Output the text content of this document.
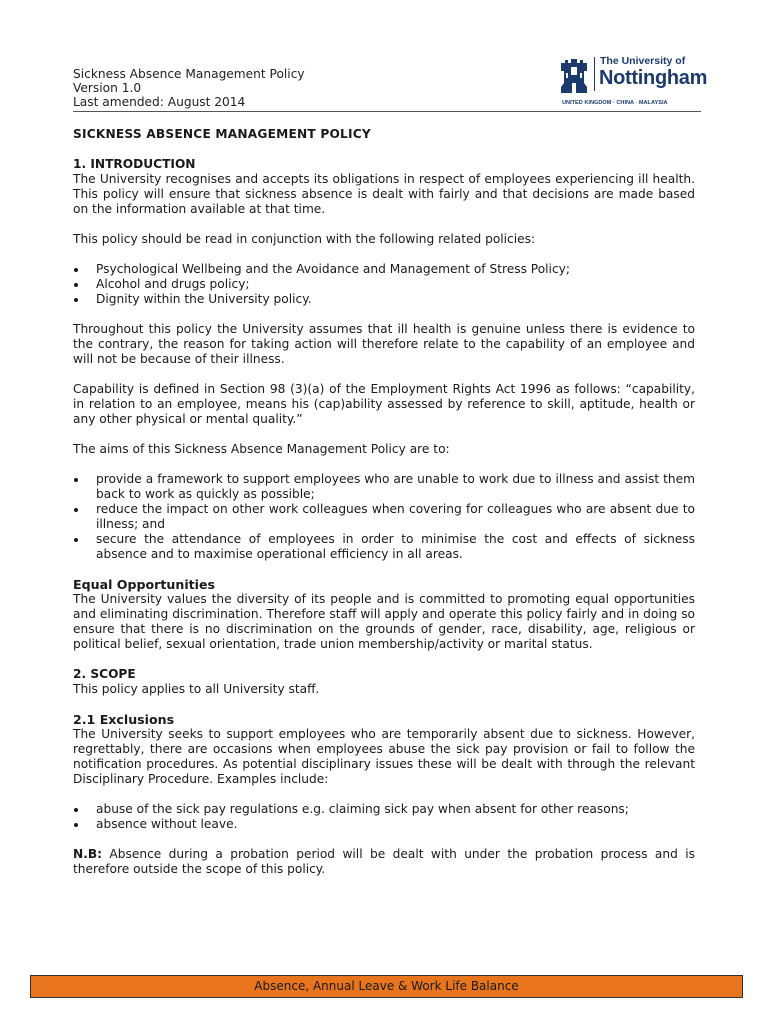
Sickness Absence Management Policy
Version 1.0
Last amended: August 2014
The University of
Nottingham
UNITED KINGDOM · CHINA · MALAYSIA

SICKNESS ABSENCE MANAGEMENT POLICY

1. INTRODUCTION

The University recognises and accepts its obligations in respect of employees experiencing ill health. This policy will ensure that sickness absence is dealt with fairly and that decisions are made based on the information available at that time.

This policy should be read in conjunction with the following related policies:

Psychological Wellbeing and the Avoidance and Management of Stress Policy;
Alcohol and drugs policy;
Dignity within the University policy.

Throughout this policy the University assumes that ill health is genuine unless there is evidence to the contrary, the reason for taking action will therefore relate to the capability of an employee and will not be because of their illness.

Capability is defined in Section 98 (3)(a) of the Employment Rights Act 1996 as follows: “capability, in relation to an employee, means his (cap)ability assessed by reference to skill, aptitude, health or any other physical or mental quality.”

The aims of this Sickness Absence Management Policy are to:

provide a framework to support employees who are unable to work due to illness and assist them back to work as quickly as possible;
reduce the impact on other work colleagues when covering for colleagues who are absent due to illness; and
secure the attendance of employees in order to minimise the cost and effects of sickness absence and to maximise operational efficiency in all areas.

Equal Opportunities

The University values the diversity of its people and is committed to promoting equal opportunities and eliminating discrimination. Therefore staff will apply and operate this policy fairly and in doing so ensure that there is no discrimination on the grounds of gender, race, disability, age, religious or political belief, sexual orientation, trade union membership/activity or marital status.

2. SCOPE

This policy applies to all University staff.

2.1 Exclusions

The University seeks to support employees who are temporarily absent due to sickness. However, regrettably, there are occasions when employees abuse the sick pay provision or fail to follow the notification procedures. As potential disciplinary issues these will be dealt with through the relevant Disciplinary Procedure. Examples include:

abuse of the sick pay regulations e.g. claiming sick pay when absent for other reasons;
absence without leave.

N.B: Absence during a probation period will be dealt with under the probation process and is therefore outside the scope of this policy.

Absence, Annual Leave & Work Life Balance
